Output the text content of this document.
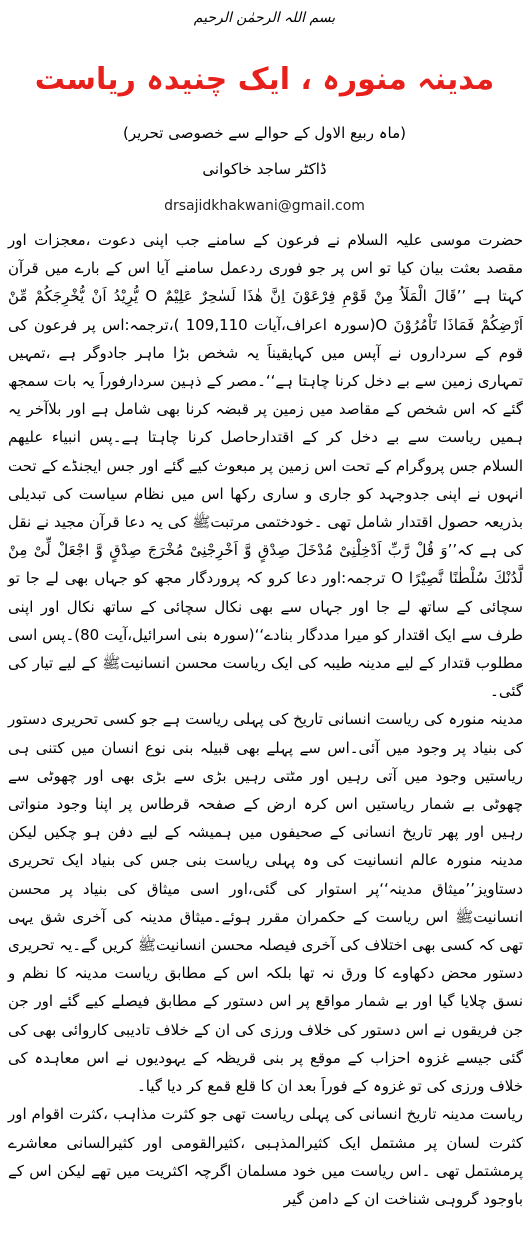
بسم اللہ الرحمٰن الرحیم
مدینہ منورہ ، ایک چنیدہ ریاست
(ماہ ربیع الاول کے حوالے سے خصوصی تحریر)
ڈاکٹر ساجد خاکوانی
drsajidkhakwani@gmail.com

حضرت موسی علیہ السلام نے فرعون کے سامنے جب اپنی دعوت ،معجزات اور مقصد بعثت بیان کیا تو اس پر جو فوری ردعمل سامنے آیا اس کے بارے میں قرآن کہتا ہے ’’قَالَ الْمَلَاُ مِنْ قَوْمِ فِرْعَوْنَ اِنَّ هٰذَا لَسٰحِرٌ عَلِيْمٌ O یُّرِيْدُ اَنْ یُّخْرِجَكُمْ مِّنْ اَرْضِكُمْ فَمَاذَا تَاْمُرُوْنَ O(سورہ اعراف،آیات 109,110 )،ترجمہ:اس پر فرعون کی قوم کے سرداروں نے آپس میں کہایقیناََ یہ شخص بڑا ماہر جادوگر ہے ،تمہیں تمہاری زمین سے بے دخل کرنا چاہتا ہے‘‘۔مصر کے ذہین سردارفوراََ یہ بات سمجھ گئے کہ اس شخص کے مقاصد میں زمین پر قبضہ کرنا بھی شامل ہے اور بلاآخر یہ ہمیں ریاست سے بے دخل کر کے اقتدارحاصل کرنا چاہتا ہے۔پس انبیاء علیھم السلام جس پروگرام کے تحت اس زمین پر مبعوث کیے گئے اور جس ایجنڈے کے تحت انہوں نے اپنی جدوجہد کو جاری و ساری رکھا اس میں نظام سیاست کی تبدیلی بذریعہ حصول اقتدار شامل تھی ۔خودختمی مرتبتﷺ کی یہ دعا قرآن مجید نے نقل کی ہے کہ’’وَ قُلْ رَّبِّ اَدْخِلْنِیْ مُدْخَلَ صِدْقٍ وَّ اَخْرِجْنِیْ مُخْرَجَ صِدْقٍ وَّ اجْعَلْ لِّیْ مِنْ لَّدُنْكَ سُلْطٰنًا نَّصِیْرًا O ترجمہ:اور دعا کرو کہ پروردگار مجھ کو جہاں بھی لے جا تو سچائی کے ساتھ لے جا اور جہاں سے بھی نکال سچائی کے ساتھ نکال اور اپنی طرف سے ایک اقتدار کو میرا مددگار بنادے‘‘(سورہ بنی اسرائیل،آیت 80)۔پس اسی مطلوب قتدار کے لیے مدینہ طیبہ کی ایک ریاست محسن انسانیتﷺ کے لیے تیار کی گئی۔

مدینہ منورہ کی ریاست انسانی تاریخ کی پہلی ریاست ہے جو کسی تحریری دستور کی بنیاد پر وجود میں آئی۔اس سے پہلے بھی قبیلہ بنی نوع انسان میں کتنی ہی ریاستیں وجود میں آتی رہیں اور مٹتی رہیں بڑی سے بڑی بھی اور چھوٹی سے چھوٹی بے شمار ریاستیں اس کرہ ارض کے صفحہ قرطاس پر اپنا وجود منواتی رہیں اور پھر تاریخ انسانی کے صحیفوں میں ہمیشہ کے لیے دفن ہو چکیں لیکن مدینہ منورہ عالم انسانیت کی وہ پہلی ریاست بنی جس کی بنیاد ایک تحریری دستاویز’’میثاق مدینہ‘‘پر استوار کی گئی،اور اسی میثاق کی بنیاد پر محسن انسانیتﷺ اس ریاست کے حکمران مقرر ہوئے۔میثاق مدینہ کی آخری شق یہی تھی کہ کسی بھی اختلاف کی آخری فیصلہ محسن انسانیتﷺ کریں گے۔یہ تحریری دستور محض دکھاوے کا ورق نہ تھا بلکہ اس کے مطابق ریاست مدینہ کا نظم و نسق چلایا گیا اور بے شمار مواقع پر اس دستور کے مطابق فیصلے کیے گئے اور جن جن فریقوں نے اس دستور کی خلاف ورزی کی ان کے خلاف تادیبی کاروائی بھی کی گئی جیسے غزوہ احزاب کے موقع پر بنی قریظہ کے یہودیوں نے اس معاہدہ کی خلاف ورزی کی تو غزوہ کے فوراََ بعد ان کا قلع قمع کر دیا گیا۔

ریاست مدینہ تاریخ انسانی کی پہلی ریاست تھی جو کثرت مذاہب ،کثرت اقوام اور کثرت لسان پر مشتمل ایک کثیرالمذہبی ،کثیرالقومی اور کثیرالسانی معاشرے پرمشتمل تھی ۔اس ریاست میں خود مسلمان اگرچہ اکثریت میں تھے لیکن اس کے باوجود گروہی شناخت ان کے دامن گیر
